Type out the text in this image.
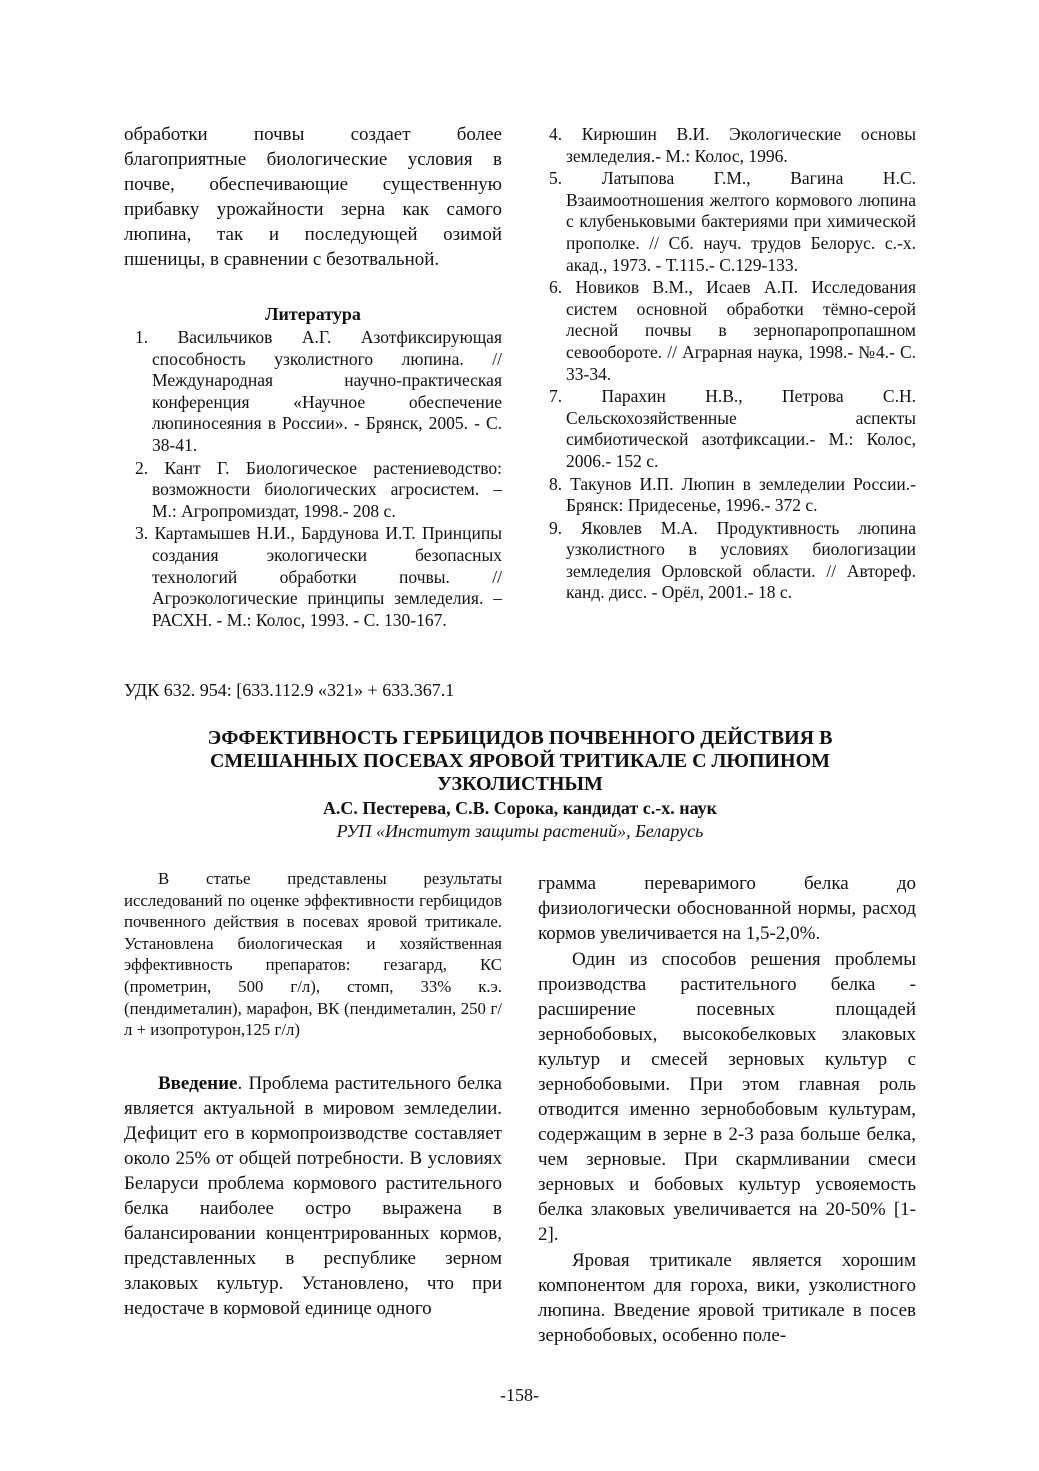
обработки почвы создает более благоприятные биологические условия в почве, обеспечивающие существенную прибавку урожайности зерна как самого люпина, так и последующей озимой пшеницы, в сравнении с безотвальной.

Литература
1. Васильчиков А.Г. Азотфиксирующая способность узколистного люпина. // Международная научно-практическая конференция «Научное обеспечение люпиносеяния в России». - Брянск, 2005. - С. 38-41.
2. Кант Г. Биологическое растениеводство: возможности биологических агросистем. – М.: Агропромиздат, 1998.- 208 с.
3. Картамышев Н.И., Бардунова И.Т. Принципы создания экологически безопасных технологий обработки почвы. // Агроэкологические принципы земледелия. – РАСХН. - М.: Колос, 1993. - С. 130-167.
4. Кирюшин В.И. Экологические основы земледелия.- М.: Колос, 1996.
5. Латыпова Г.М., Вагина Н.С. Взаимоотношения желтого кормового люпина с клубеньковыми бактериями при химической прополке. // Сб. науч. трудов Белорус. с.-х. акад., 1973. - Т.115.- С.129-133.
6. Новиков В.М., Исаев А.П. Исследования систем основной обработки тёмно-серой лесной почвы в зернопаропропашном севообороте. // Аграрная наука, 1998.- №4.- С. 33-34.
7. Парахин Н.В., Петрова С.Н. Сельскохозяйственные аспекты симбиотической азотфиксации.- М.: Колос, 2006.- 152 с.
8. Такунов И.П. Люпин в земледелии России.- Брянск: Придесенье, 1996.- 372 с.
9. Яковлев М.А. Продуктивность люпина узколистного в условиях биологизации земледелия Орловской области. // Автореф. канд. дисс. - Орёл, 2001.- 18 с.
УДК 632. 954: [633.112.9 «321» + 633.367.1
ЭФФЕКТИВНОСТЬ ГЕРБИЦИДОВ ПОЧВЕННОГО ДЕЙСТВИЯ В
СМЕШАННЫХ ПОСЕВАХ ЯРОВОЙ ТРИТИКАЛЕ С ЛЮПИНОМ
УЗКОЛИСТНЫМ
А.С. Пестерева, С.В. Сорока, кандидат с.-х. наук
РУП «Институт защиты растений», Беларусь

В статье представлены результаты исследований по оценке эффективности гербицидов почвенного действия в посевах яровой тритикале. Установлена биологическая и хозяйственная эффективность препаратов: гезагард, КС (прометрин, 500 г/л), стомп, 33% к.э. (пендиметалин), марафон, ВК (пендиметалин, 250 г/л + изопротурон,125 г/л)

Введение. Проблема растительного белка является актуальной в мировом земледелии. Дефицит его в кормопроизводстве составляет около 25% от общей потребности. В условиях Беларуси проблема кормового растительного белка наиболее остро выражена в балансировании концентрированных кормов, представленных в республике зерном злаковых культур. Установлено, что при недостаче в кормовой единице одного

грамма переваримого белка до физиологически обоснованной нормы, расход кормов увеличивается на 1,5-2,0%.

Один из способов решения проблемы производства растительного белка - расширение посевных площадей зернобобовых, высокобелковых злаковых культур и смесей зерновых культур с зернобобовыми. При этом главная роль отводится именно зернобобовым культурам, содержащим в зерне в 2-3 раза больше белка, чем зерновые. При скармливании смеси зерновых и бобовых культур усвояемость белка злаковых увеличивается на 20-50% [1-2].

Яровая тритикале является хорошим компонентом для гороха, вики, узколистного люпина. Введение яровой тритикале в посев зернобобовых, особенно поле-

-158-
